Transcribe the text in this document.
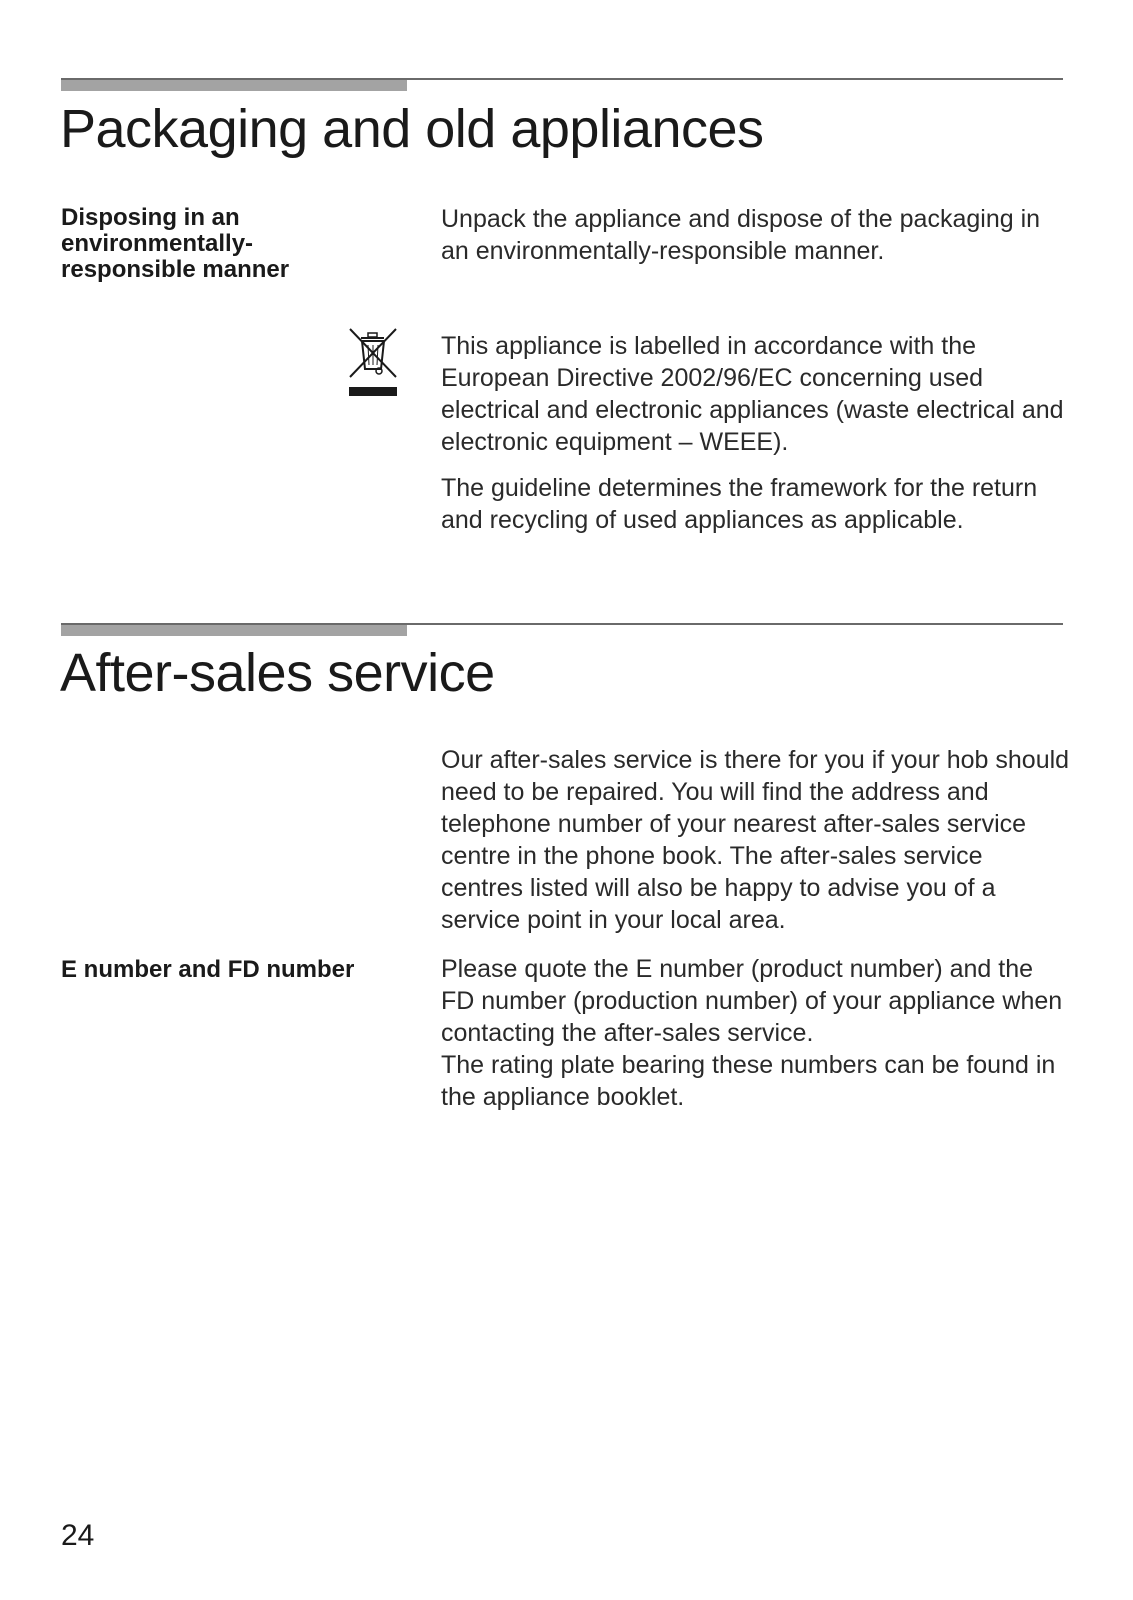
Packaging and old appliances

Disposing in an environmentally-responsible manner

Unpack the appliance and dispose of the packaging in an environmentally-responsible manner.

This appliance is labelled in accordance with the European Directive 2002/96/EC concerning used electrical and electronic appliances (waste electrical and electronic equipment – WEEE).

The guideline determines the framework for the return and recycling of used appliances as applicable.

After-sales service

Our after-sales service is there for you if your hob should need to be repaired. You will find the address and telephone number of your nearest after-sales service centre in the phone book. The after-sales service centres listed will also be happy to advise you of a service point in your local area.

E number and FD number	Please quote the E number (product number) and the FD number (production number) of your appliance when contacting the after-sales service.

The rating plate bearing these numbers can be found in the appliance booklet.

24
